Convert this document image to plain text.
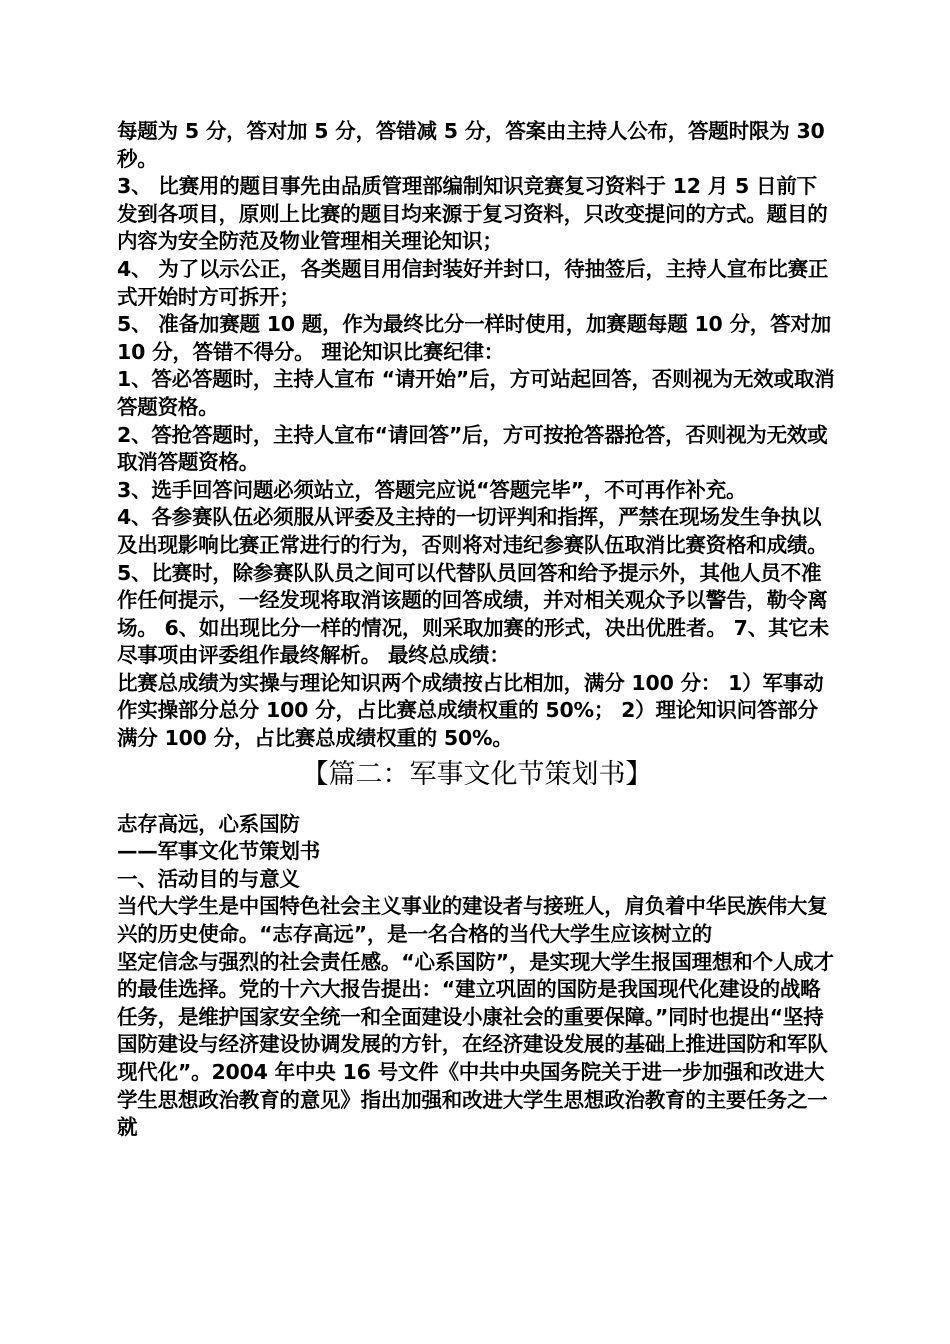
每题为 5 分，答对加 5 分，答错减 5 分，答案由主持人公布，答题时限为 30 秒。

3、 比赛用的题目事先由品质管理部编制知识竞赛复习资料于 12 月 5 日前下发到各项目，原则上比赛的题目均来源于复习资料，只改变提问的方式。题目的内容为安全防范及物业管理相关理论知识；

4、 为了以示公正，各类题目用信封装好并封口，待抽签后，主持人宣布比赛正式开始时方可拆开；

5、 准备加赛题 10 题，作为最终比分一样时使用，加赛题每题 10 分，答对加 10 分，答错不得分。 理论知识比赛纪律：

1、答必答题时，主持人宣布 “请开始”后，方可站起回答，否则视为无效或取消答题资格。

2、答抢答题时，主持人宣布“请回答”后，方可按抢答器抢答，否则视为无效或取消答题资格。

3、选手回答问题必须站立，答题完应说“答题完毕”，不可再作补充。

4、各参赛队伍必须服从评委及主持的一切评判和指挥，严禁在现场发生争执以及出现影响比赛正常进行的行为，否则将对违纪参赛队伍取消比赛资格和成绩。

5、比赛时，除参赛队队员之间可以代替队员回答和给予提示外，其他人员不准作任何提示，一经发现将取消该题的回答成绩，并对相关观众予以警告，勒令离场。 6、如出现比分一样的情况，则采取加赛的形式，决出优胜者。 7、其它未尽事项由评委组作最终解析。 最终总成绩：

比赛总成绩为实操与理论知识两个成绩按占比相加，满分 100 分： 1）军事动作实操部分总分 100 分，占比赛总成绩权重的 50%； 2）理论知识问答部分满分 100 分，占比赛总成绩权重的 50%。

【篇二：军事文化节策划书】

志存高远，心系国防

——军事文化节策划书

一、活动目的与意义

当代大学生是中国特色社会主义事业的建设者与接班人，肩负着中华民族伟大复兴的历史使命。“志存高远”，是一名合格的当代大学生应该树立的

坚定信念与强烈的社会责任感。“心系国防”，是实现大学生报国理想和个人成才的最佳选择。党的十六大报告提出：“建立巩固的国防是我国现代化建设的战略任务，是维护国家安全统一和全面建设小康社会的重要保障。”同时也提出“坚持国防建设与经济建设协调发展的方针，在经济建设发展的基础上推进国防和军队现代化”。2004 年中央 16 号文件《中共中央国务院关于进一步加强和改进大学生思想政治教育的意见》指出加强和改进大学生思想政治教育的主要任务之一就
